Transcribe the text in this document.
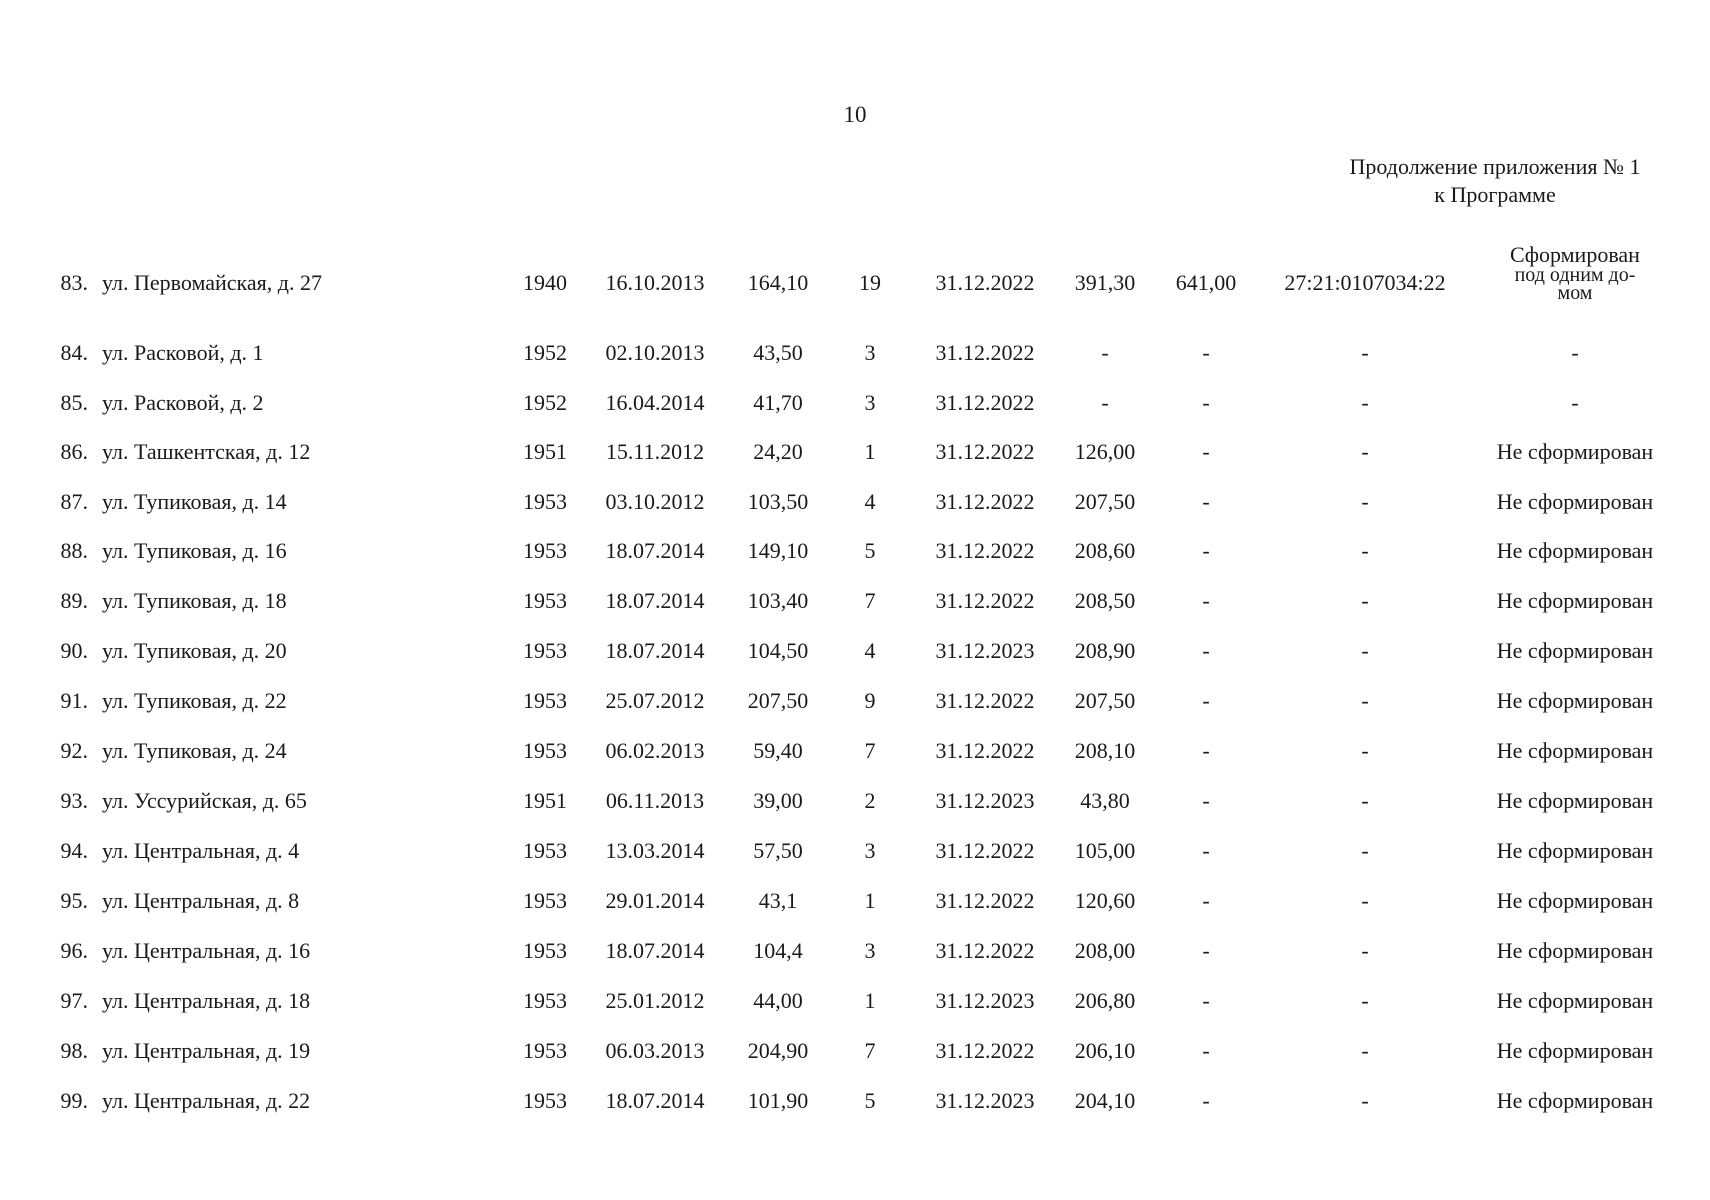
10
Продолжение приложения № 1
к Программе
83. ул. Первомайская, д. 27	1940	16.10.2013	164,10	19	31.12.2022	391,30	641,00	27:21:0107034:22
Сформирован
под одним до-
мом
84. ул. Расковой, д. 1	1952	02.10.2013	43,50	3	31.12.2022	-	-	-	-
85. ул. Расковой, д. 2	1952	16.04.2014	41,70	3	31.12.2022	-	-	-	-
86. ул. Ташкентская, д. 12	1951	15.11.2012	24,20	1	31.12.2022	126,00	-	-	Не сформирован
87. ул. Тупиковая, д. 14	1953	03.10.2012	103,50	4	31.12.2022	207,50	-	-	Не сформирован
88. ул. Тупиковая, д. 16	1953	18.07.2014	149,10	5	31.12.2022	208,60	-	-	Не сформирован
89. ул. Тупиковая, д. 18	1953	18.07.2014	103,40	7	31.12.2022	208,50	-	-	Не сформирован
90. ул. Тупиковая, д. 20	1953	18.07.2014	104,50	4	31.12.2023	208,90	-	-	Не сформирован
91. ул. Тупиковая, д. 22	1953	25.07.2012	207,50	9	31.12.2022	207,50	-	-	Не сформирован
92. ул. Тупиковая, д. 24	1953	06.02.2013	59,40	7	31.12.2022	208,10	-	-	Не сформирован
93. ул. Уссурийская, д. 65	1951	06.11.2013	39,00	2	31.12.2023	43,80	-	-	Не сформирован
94. ул. Центральная, д. 4	1953	13.03.2014	57,50	3	31.12.2022	105,00	-	-	Не сформирован
95. ул. Центральная, д. 8	1953	29.01.2014	43,1	1	31.12.2022	120,60	-	-	Не сформирован
96. ул. Центральная, д. 16	1953	18.07.2014	104,4	3	31.12.2022	208,00	-	-	Не сформирован
97. ул. Центральная, д. 18	1953	25.01.2012	44,00	1	31.12.2023	206,80	-	-	Не сформирован
98. ул. Центральная, д. 19	1953	06.03.2013	204,90	7	31.12.2022	206,10	-	-	Не сформирован
99. ул. Центральная, д. 22	1953	18.07.2014	101,90	5	31.12.2023	204,10	-	-	Не сформирован
